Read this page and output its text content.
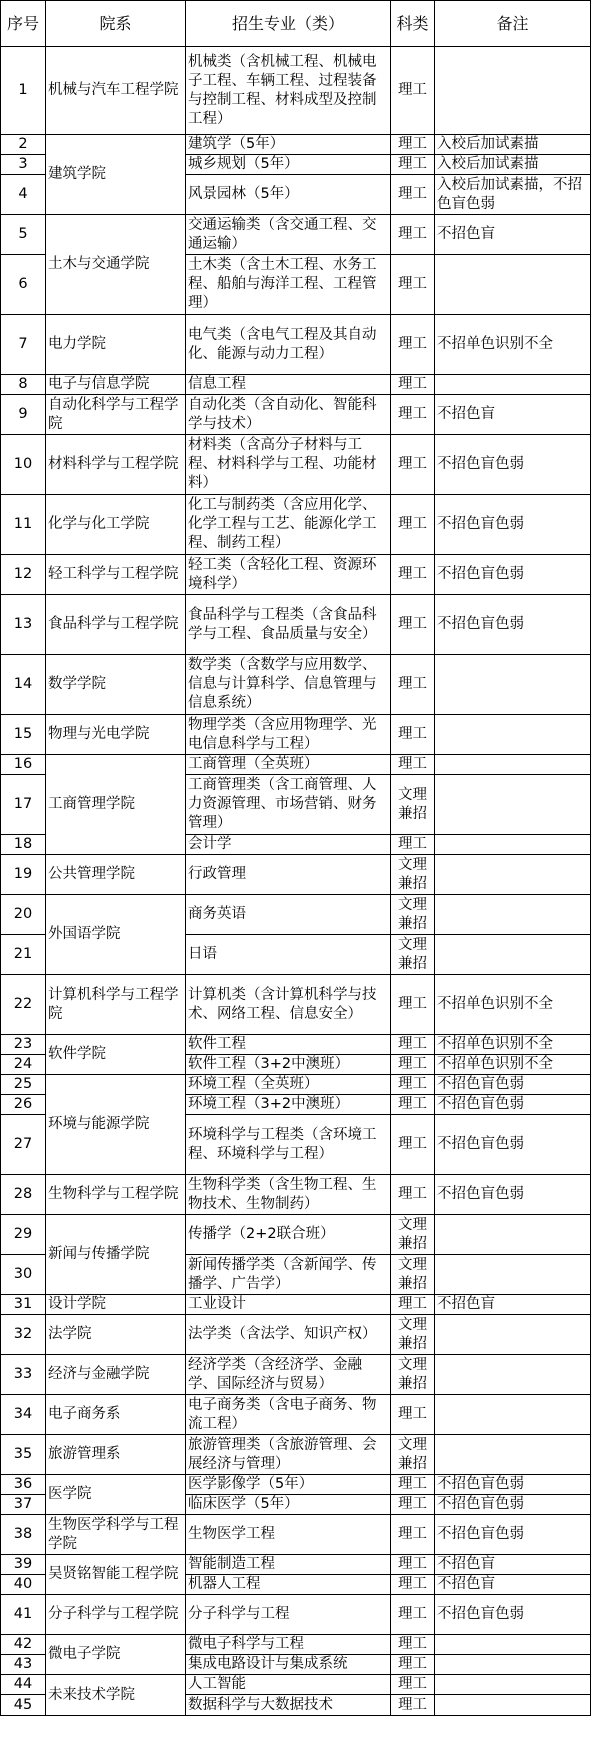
序号	院系	招生专业（类）	科类	备注
1	机械与汽车工程学院	机械类（含机械工程、机械电子工程、车辆工程、过程装备与控制工程、材料成型及控制工程）	理工	
2	建筑学院	建筑学（5年）	理工	入校后加试素描
3		城乡规划（5年）	理工	入校后加试素描
4		风景园林（5年）	理工	入校后加试素描，不招色盲色弱
5	土木与交通学院	交通运输类（含交通工程、交通运输）	理工	不招色盲
6		土木类（含土木工程、水务工程、船舶与海洋工程、工程管理）	理工	
7	电力学院	电气类（含电气工程及其自动化、能源与动力工程）	理工	不招单色识别不全
8	电子与信息学院	信息工程	理工	
9	自动化科学与工程学院	自动化类（含自动化、智能科学与技术）	理工	不招色盲
10	材料科学与工程学院	材料类（含高分子材料与工程、材料科学与工程、功能材料）	理工	不招色盲色弱
11	化学与化工学院	化工与制药类（含应用化学、化学工程与工艺、能源化学工程、制药工程）	理工	不招色盲色弱
12	轻工科学与工程学院	轻工类（含轻化工程、资源环境科学）	理工	不招色盲色弱
13	食品科学与工程学院	食品科学与工程类（含食品科学与工程、食品质量与安全）	理工	不招色盲色弱
14	数学学院	数学类（含数学与应用数学、信息与计算科学、信息管理与信息系统）	理工	
15	物理与光电学院	物理学类（含应用物理学、光电信息科学与工程）	理工	
16	工商管理学院	工商管理（全英班）	理工	
17		工商管理类（含工商管理、人力资源管理、市场营销、财务管理）	文理兼招	
18		会计学	理工	
19	公共管理学院	行政管理	文理兼招	
20	外国语学院	商务英语	文理兼招	
21		日语	文理兼招	
22	计算机科学与工程学院	计算机类（含计算机科学与技术、网络工程、信息安全）	理工	不招单色识别不全
23	软件学院	软件工程	理工	不招单色识别不全
24		软件工程（3+2中澳班）	理工	不招单色识别不全
25	环境与能源学院	环境工程（全英班）	理工	不招色盲色弱
26		环境工程（3+2中澳班）	理工	不招色盲色弱
27		环境科学与工程类（含环境工程、环境科学与工程）	理工	不招色盲色弱
28	生物科学与工程学院	生物科学类（含生物工程、生物技术、生物制药）	理工	不招色盲色弱
29	新闻与传播学院	传播学（2+2联合班）	文理兼招	
30		新闻传播学类（含新闻学、传播学、广告学）	文理兼招	
31	设计学院	工业设计	理工	不招色盲
32	法学院	法学类（含法学、知识产权）	文理兼招	
33	经济与金融学院	经济学类（含经济学、金融学、国际经济与贸易）	文理兼招	
34	电子商务系	电子商务类（含电子商务、物流工程）	理工	
35	旅游管理系	旅游管理类（含旅游管理、会展经济与管理）	文理兼招	
36	医学院	医学影像学（5年）	理工	不招色盲色弱
37		临床医学（5年）	理工	不招色盲色弱
38	生物医学科学与工程学院	生物医学工程	理工	不招色盲色弱
39	吴贤铭智能工程学院	智能制造工程	理工	不招色盲
40		机器人工程	理工	不招色盲
41	分子科学与工程学院	分子科学与工程	理工	不招色盲色弱
42	微电子学院	微电子科学与工程	理工	
43		集成电路设计与集成系统	理工	
44	未来技术学院	人工智能	理工	
45		数据科学与大数据技术	理工	
